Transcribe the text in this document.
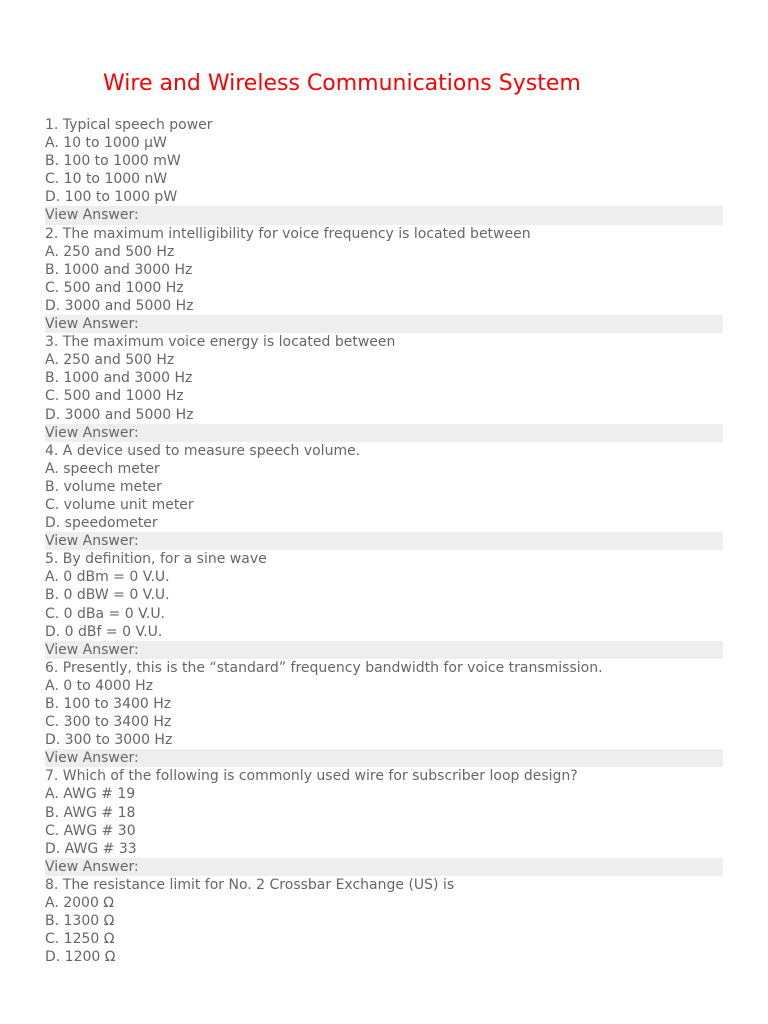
Wire and Wireless Communications System
1. Typical speech power
A. 10 to 1000 μW
B. 100 to 1000 mW
C. 10 to 1000 nW
D. 100 to 1000 pW
View Answer:
2. The maximum intelligibility for voice frequency is located between
A. 250 and 500 Hz
B. 1000 and 3000 Hz
C. 500 and 1000 Hz
D. 3000 and 5000 Hz
View Answer:
3. The maximum voice energy is located between
A. 250 and 500 Hz
B. 1000 and 3000 Hz
C. 500 and 1000 Hz
D. 3000 and 5000 Hz
View Answer:
4. A device used to measure speech volume.
A. speech meter
B. volume meter
C. volume unit meter
D. speedometer
View Answer:
5. By definition, for a sine wave
A. 0 dBm = 0 V.U.
B. 0 dBW = 0 V.U.
C. 0 dBa = 0 V.U.
D. 0 dBf = 0 V.U.
View Answer:
6. Presently, this is the “standard” frequency bandwidth for voice transmission.
A. 0 to 4000 Hz
B. 100 to 3400 Hz
C. 300 to 3400 Hz
D. 300 to 3000 Hz
View Answer:
7. Which of the following is commonly used wire for subscriber loop design?
A. AWG # 19
B. AWG # 18
C. AWG # 30
D. AWG # 33
View Answer:
8. The resistance limit for No. 2 Crossbar Exchange (US) is
A. 2000 Ω
B. 1300 Ω
C. 1250 Ω
D. 1200 Ω
